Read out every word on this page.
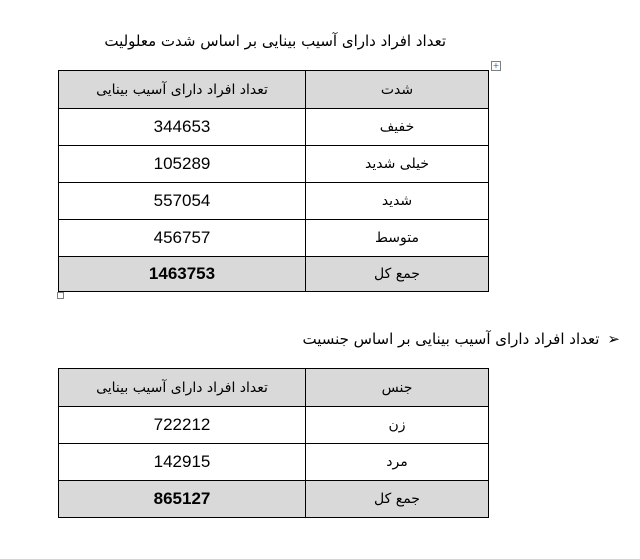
تعداد افراد دارای آسیب بینایی بر اساس شدت معلولیت
+
شدت	تعداد افراد دارای آسیب بینایی
خفیف	344653
خیلی شدید	105289
شدید	557054
متوسط	456757
جمع کل	1463753
➢تعداد افراد دارای آسیب بینایی بر اساس جنسیت
جنس	تعداد افراد دارای آسیب بینایی
زن	722212
مرد	142915
جمع کل	865127
